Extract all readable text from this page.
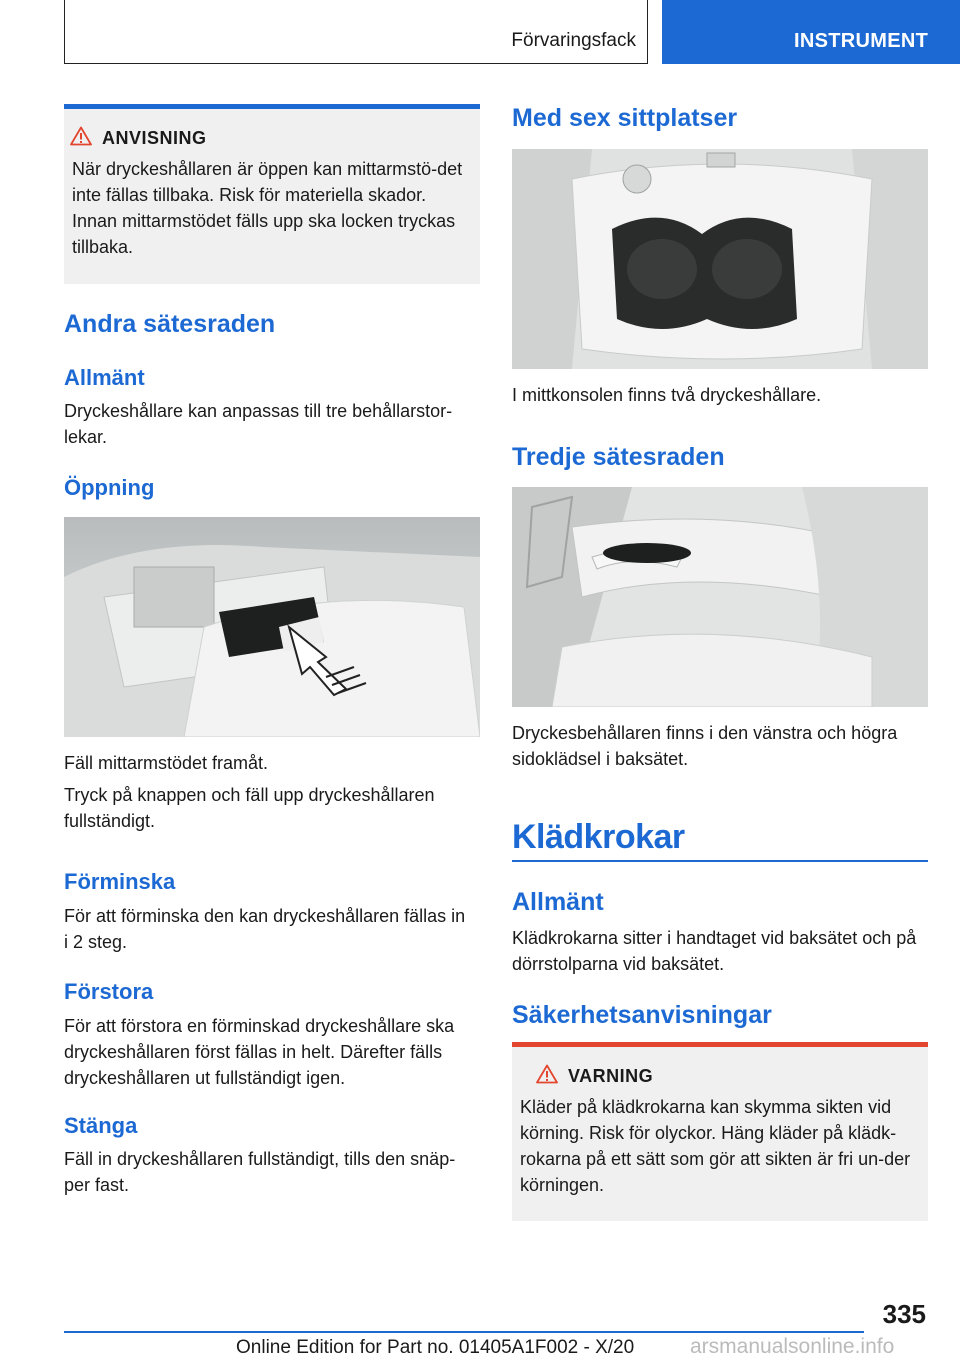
Förvaringsfack	INSTRUMENT
ANVISNING

När dryckeshållaren är öppen kan mittarmstö-det inte fällas tillbaka. Risk för materiella skador. Innan mittarmstödet fälls upp ska locken tryckas tillbaka.

Andra sätesraden
Allmänt

Dryckeshållare kan anpassas till tre behållarstor-lekar.

Öppning

Fäll mittarmstödet framåt.

Tryck på knappen och fäll upp dryckeshållaren fullständigt.

Förminska

För att förminska den kan dryckeshållaren fällas in i 2 steg.

Förstora

För att förstora en förminskad dryckeshållare ska dryckeshållaren först fällas in helt. Därefter fälls dryckeshållaren ut fullständigt igen.

Stänga

Fäll in dryckeshållaren fullständigt, tills den snäp-per fast.

Med sex sittplatser

I mittkonsolen finns två dryckeshållare.

Tredje sätesraden

Dryckesbehållaren finns i den vänstra och högra sidoklädsel i baksätet.

Klädkrokar
Allmänt

Klädkrokarna sitter i handtaget vid baksätet och på dörrstolparna vid baksätet.

Säkerhetsanvisningar
VARNING

Kläder på klädkrokarna kan skymma sikten vid körning. Risk för olyckor. Häng kläder på klädk-rokarna på ett sätt som gör att sikten är fri un-der körningen.

335
Online Edition for Part no. 01405A1F002 - X/20	arsmanualsonline.info
